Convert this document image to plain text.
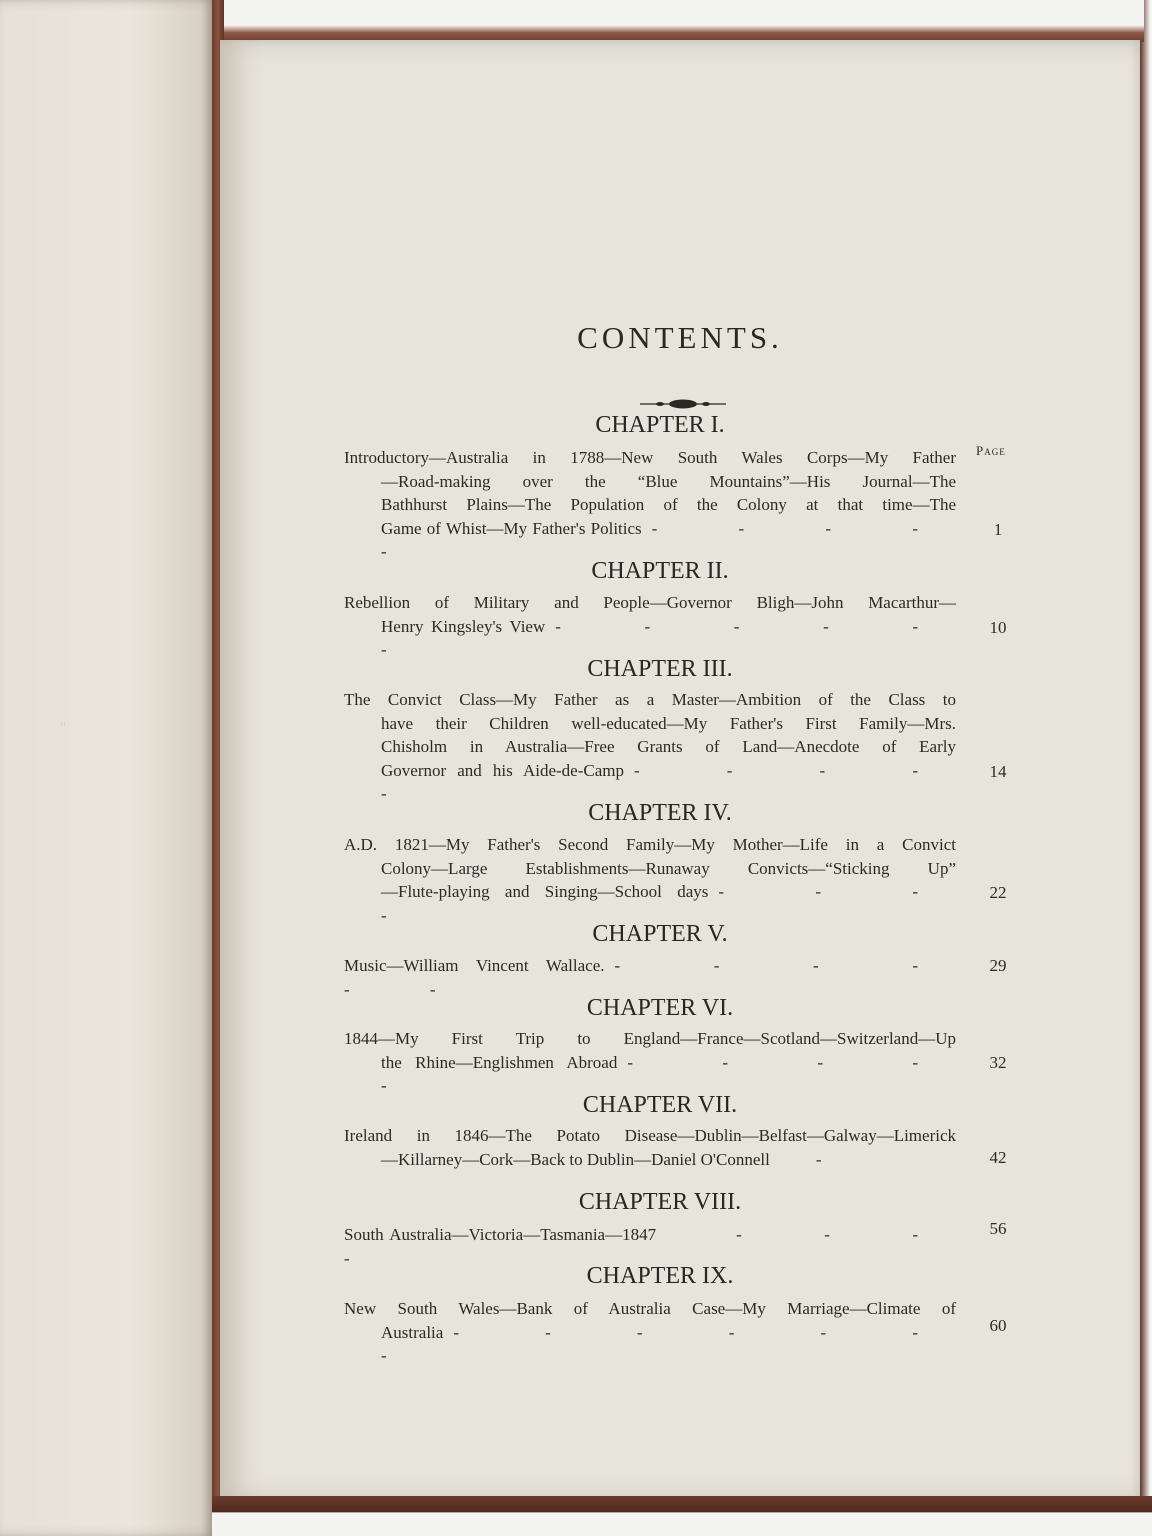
"
CONTENTS.
Page
CHAPTER I.
Introductory—Australia in 1788—New South Wales Corps—My Father
—Road-making over the “Blue Mountains”—His Journal—The
Bathhurst Plains—The Population of the Colony at that time—The
Game of Whist—My Father's Politics - - - - -
1
CHAPTER II.
Rebellion of Military and People—Governor Bligh—John Macarthur—
Henry Kingsley's View - - - - - -
10
CHAPTER III.
The Convict Class—My Father as a Master—Ambition of the Class to
have their Children well-educated—My Father's First Family—Mrs.
Chisholm in Australia—Free Grants of Land—Anecdote of Early
Governor and his Aide-de-Camp - - - - -
14
CHAPTER IV.
A.D. 1821—My Father's Second Family—My Mother—Life in a Convict
Colony—Large Establishments—Runaway Convicts—“Sticking Up”
—Flute-playing and Singing—School days - - - -
22
CHAPTER V.
Music—William Vincent Wallace. - - - - - -
29
CHAPTER VI.
1844—My First Trip to England—France—Scotland—Switzerland—Up
the Rhine—Englishmen Abroad - - - - -
32
CHAPTER VII.
Ireland in 1846—The Potato Disease—Dublin—Belfast—Galway—Limerick
—Killarney—Cork—Back to Dublin—Daniel O'Connell	-	42
CHAPTER VIII.
South Australia—Victoria—Tasmania—1847	- - - -
56
CHAPTER IX.
New South Wales—Bank of Australia Case—My Marriage—Climate of
Australia - - - - - - -
60
